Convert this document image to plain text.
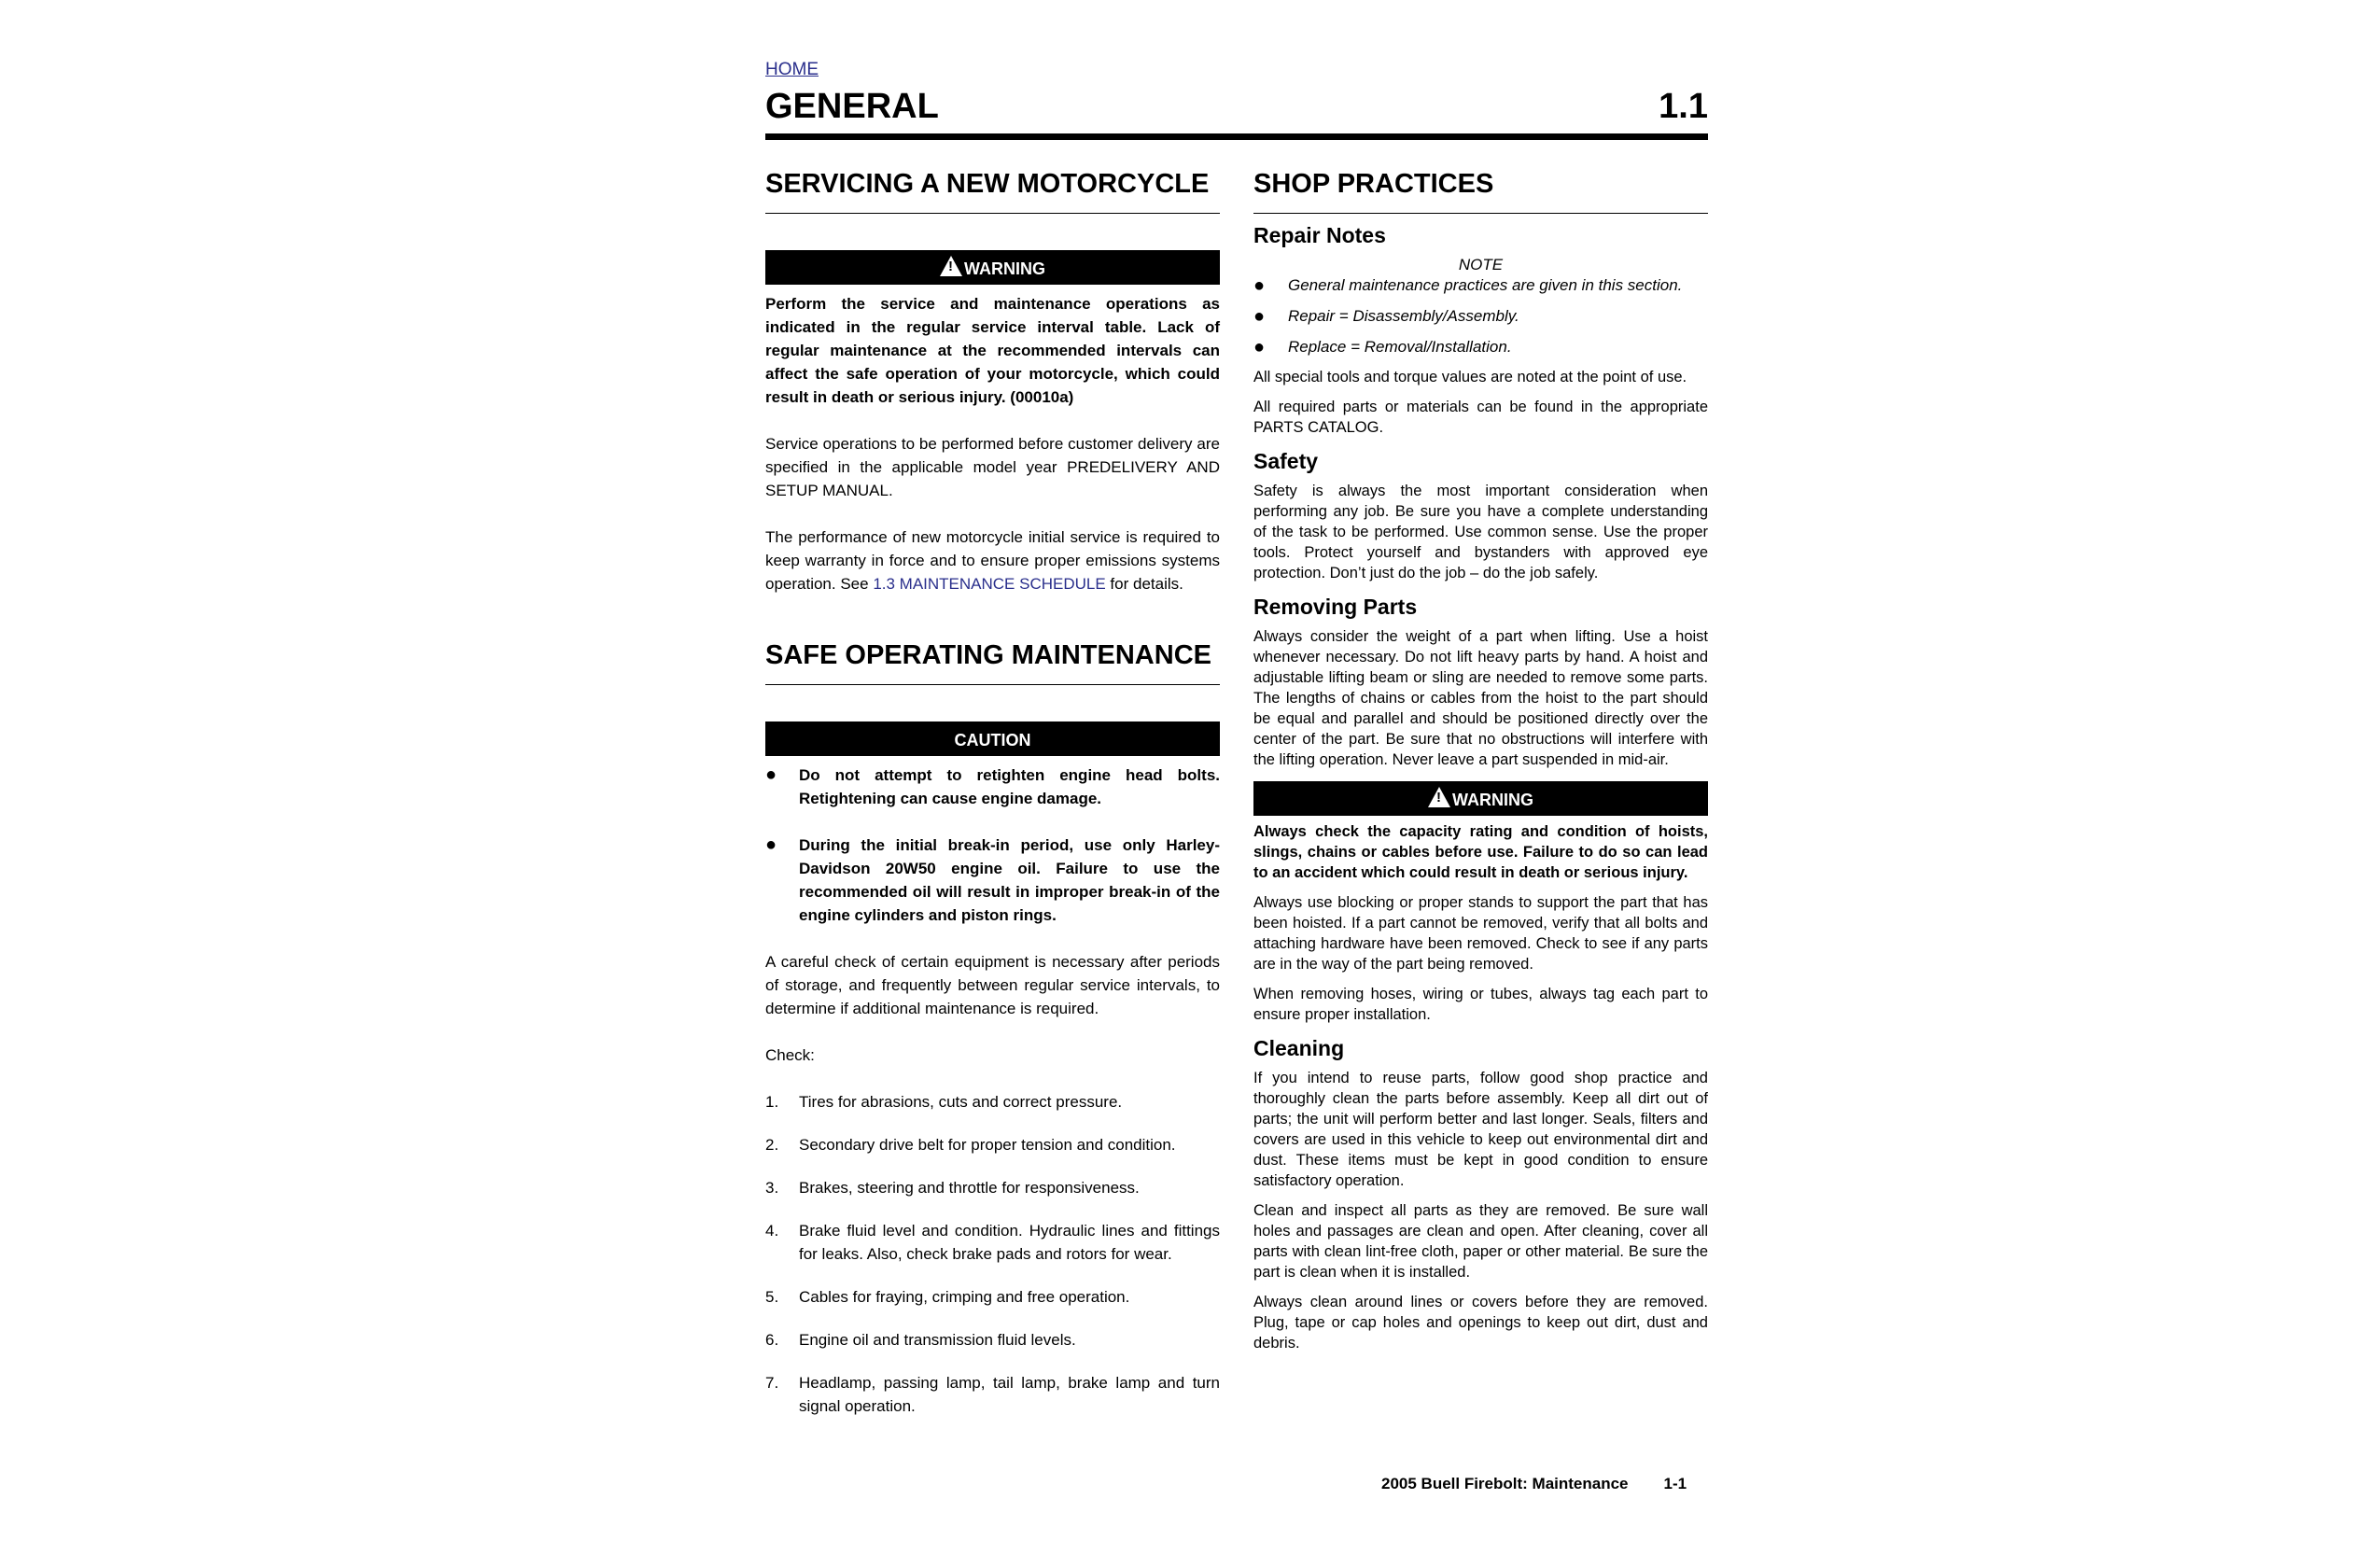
HOME
GENERAL	1.1
SERVICING A NEW MOTORCYCLE
!WARNING

Perform the service and maintenance operations as indicated in the regular service interval table. Lack of regular maintenance at the recommended intervals can affect the safe operation of your motorcycle, which could result in death or serious injury. (00010a)

Service operations to be performed before customer delivery are specified in the applicable model year PREDELIVERY AND SETUP MANUAL.

The performance of new motorcycle initial service is required to keep warranty in force and to ensure proper emissions systems operation. See 1.3 MAINTENANCE SCHEDULE for details.

SAFE OPERATING MAINTENANCE
CAUTION
●	Do not attempt to retighten engine head bolts. Retightening can cause engine damage.
●	During the initial break-in period, use only Harley-Davidson 20W50 engine oil. Failure to use the recommended oil will result in improper break-in of the engine cylinders and piston rings.

A careful check of certain equipment is necessary after periods of storage, and frequently between regular service intervals, to determine if additional maintenance is required.

Check:

1.	Tires for abrasions, cuts and correct pressure.
2.	Secondary drive belt for proper tension and condition.
3.	Brakes, steering and throttle for responsiveness.
4.	Brake fluid level and condition. Hydraulic lines and fittings for leaks. Also, check brake pads and rotors for wear.
5.	Cables for fraying, crimping and free operation.
6.	Engine oil and transmission fluid levels.
7.	Headlamp, passing lamp, tail lamp, brake lamp and turn signal operation.
SHOP PRACTICES
Repair Notes
NOTE
●	General maintenance practices are given in this section.
●	Repair = Disassembly/Assembly.
●	Replace = Removal/Installation.

All special tools and torque values are noted at the point of use.

All required parts or materials can be found in the appropriate PARTS CATALOG.

Safety

Safety is always the most important consideration when performing any job. Be sure you have a complete understanding of the task to be performed. Use common sense. Use the proper tools. Protect yourself and bystanders with approved eye protection. Don’t just do the job – do the job safely.

Removing Parts

Always consider the weight of a part when lifting. Use a hoist whenever necessary. Do not lift heavy parts by hand. A hoist and adjustable lifting beam or sling are needed to remove some parts. The lengths of chains or cables from the hoist to the part should be equal and parallel and should be positioned directly over the center of the part. Be sure that no obstructions will interfere with the lifting operation. Never leave a part suspended in mid-air.

!WARNING

Always check the capacity rating and condition of hoists, slings, chains or cables before use. Failure to do so can lead to an accident which could result in death or serious injury.

Always use blocking or proper stands to support the part that has been hoisted. If a part cannot be removed, verify that all bolts and attaching hardware have been removed. Check to see if any parts are in the way of the part being removed.

When removing hoses, wiring or tubes, always tag each part to ensure proper installation.

Cleaning

If you intend to reuse parts, follow good shop practice and thoroughly clean the parts before assembly. Keep all dirt out of parts; the unit will perform better and last longer. Seals, filters and covers are used in this vehicle to keep out environmental dirt and dust. These items must be kept in good condition to ensure satisfactory operation.

Clean and inspect all parts as they are removed. Be sure wall holes and passages are clean and open. After cleaning, cover all parts with clean lint-free cloth, paper or other material. Be sure the part is clean when it is installed.

Always clean around lines or covers before they are removed. Plug, tape or cap holes and openings to keep out dirt, dust and debris.

2005 Buell Firebolt: Maintenance 1-1
